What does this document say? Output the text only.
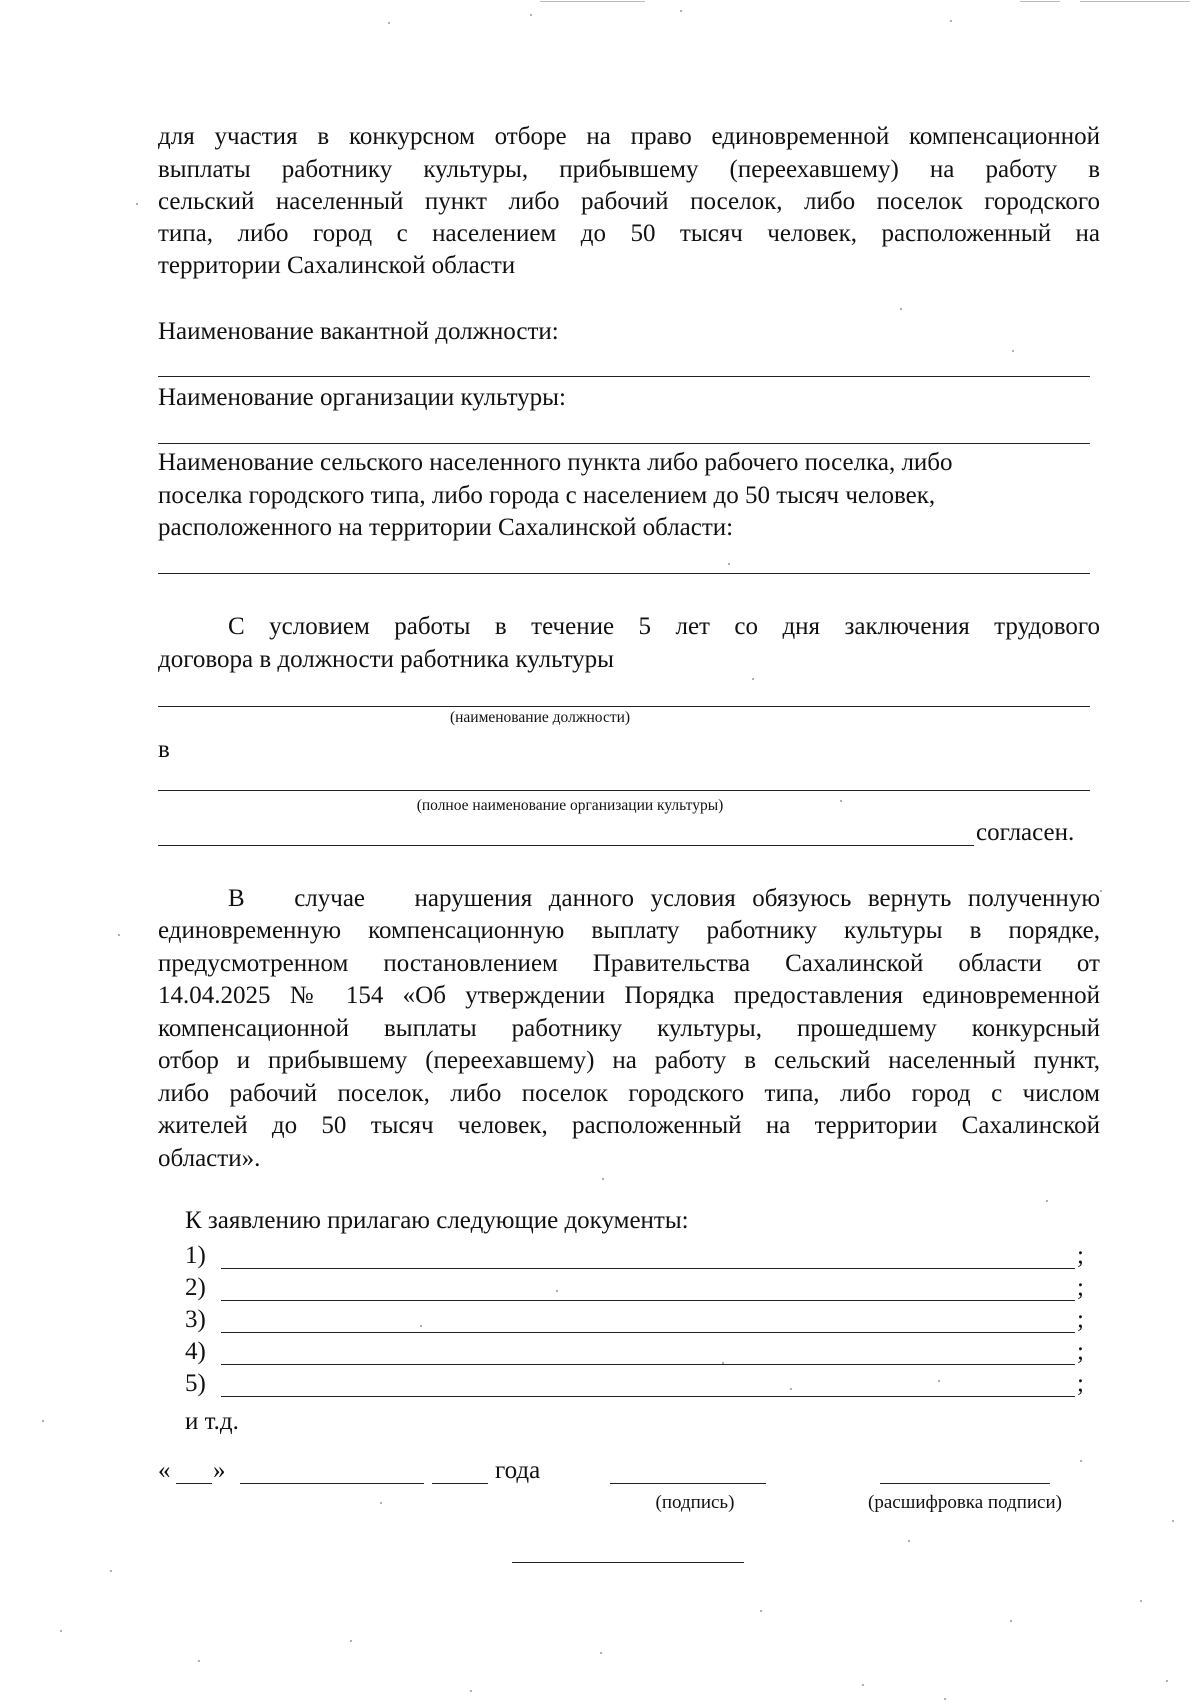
для участия в конкурсном отборе на право единовременной компенсационной
выплаты работнику культуры, прибывшему (переехавшему) на работу в
сельский населенный пункт либо рабочий поселок, либо поселок городского
типа, либо город с населением до 50 тысяч человек, расположенный на
территории Сахалинской области
Наименование вакантной должности:
Наименование организации культуры:
Наименование сельского населенного пункта либо рабочего поселка, либо
поселка городского типа, либо города с населением до 50 тысяч человек,
расположенного на территории Сахалинской области:
С условием работы в течение 5 лет со дня заключения трудового
договора в должности работника культуры
(наименование должности)
в
(полное наименование организации культуры)
согласен.
В   случае   нарушения данного условия обязуюсь вернуть полученную
единовременную компенсационную выплату работнику культуры в порядке,
предусмотренном постановлением Правительства Сахалинской области от
14.04.2025 № 154 «Об утверждении Порядка предоставления единовременной
компенсационной выплаты работнику культуры, прошедшему конкурсный
отбор и прибывшему (переехавшему) на работу в сельский населенный пункт,
либо рабочий поселок, либо поселок городского типа, либо город с числом
жителей до 50 тысяч человек, расположенный на территории Сахалинской
области».
К заявлению прилагаю следующие документы:
1)	;
2)	;
3)	;
4)	;
5)	;
и т.д.
« »	года
(подпись)	(расшифровка подписи)
